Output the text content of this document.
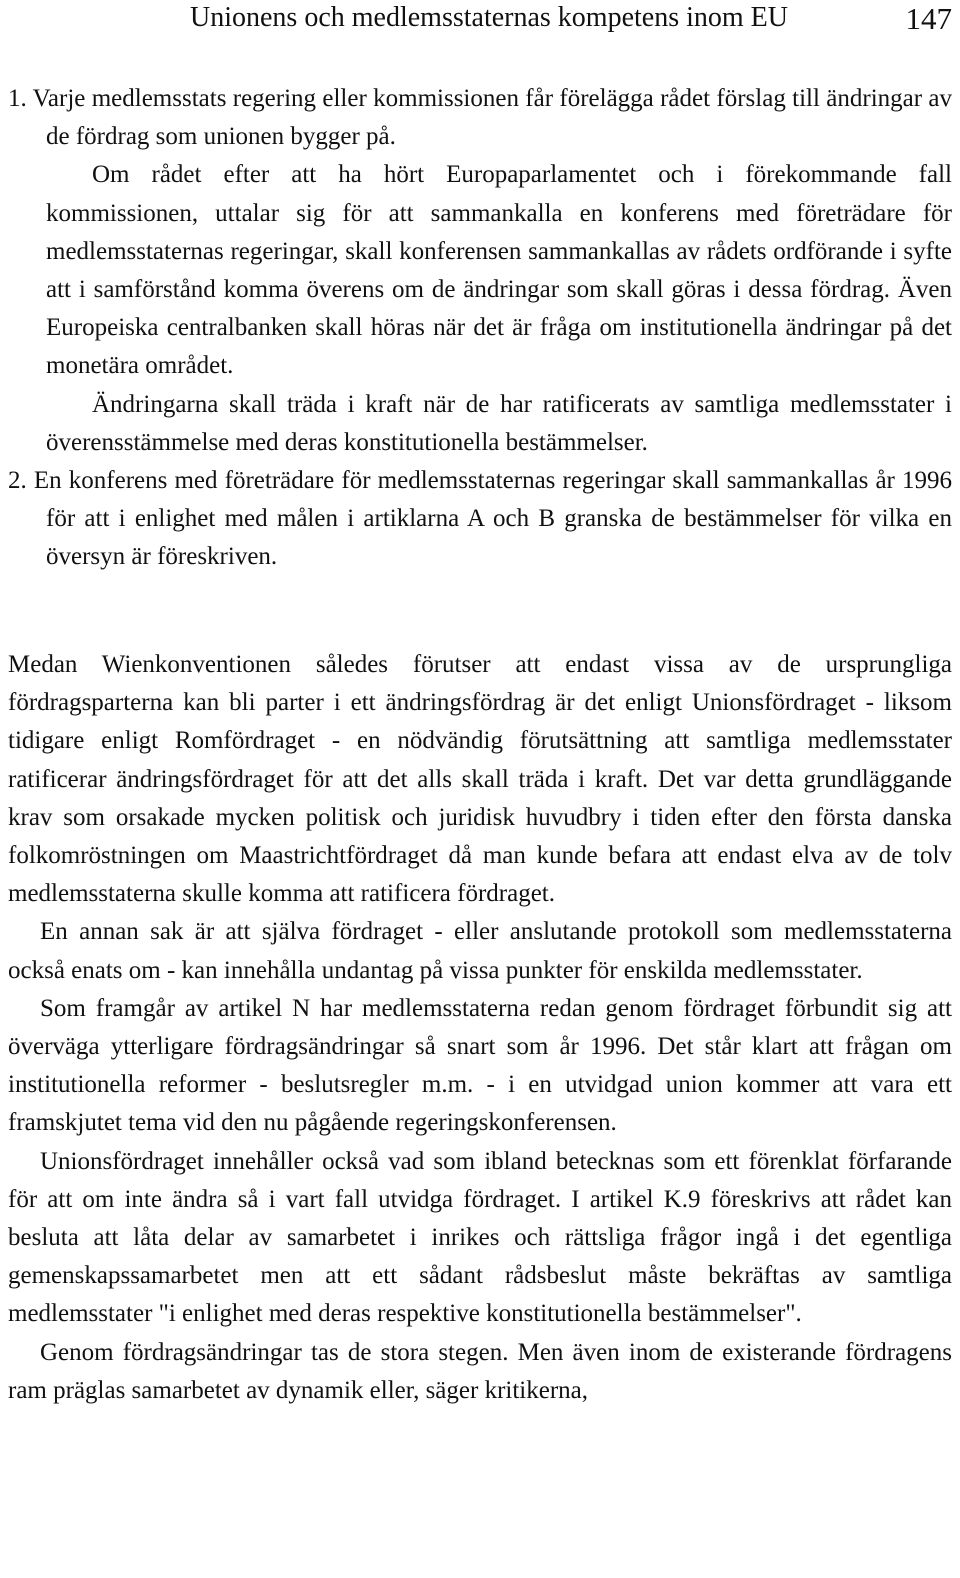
Unionens och medlemsstaternas kompetens inom EU	147

1. Varje medlemsstats regering eller kommissionen får förelägga rådet förslag till ändringar av de fördrag som unionen bygger på.

Om rådet efter att ha hört Europaparlamentet och i förekommande fall kommissionen, uttalar sig för att sammankalla en konferens med företrädare för medlemsstaternas regeringar, skall konferensen sammankallas av rådets ordförande i syfte att i samförstånd komma överens om de ändringar som skall göras i dessa fördrag. Även Europeiska centralbanken skall höras när det är fråga om institutionella ändringar på det monetära området.

Ändringarna skall träda i kraft när de har ratificerats av samtliga medlemsstater i överensstämmelse med deras konstitutionella bestämmelser.

2. En konferens med företrädare för medlemsstaternas regeringar skall sammankallas år 1996 för att i enlighet med målen i artiklarna A och B granska de bestämmelser för vilka en översyn är föreskriven.

Medan Wienkonventionen således förutser att endast vissa av de ursprungliga fördragsparterna kan bli parter i ett ändringsfördrag är det enligt Unionsfördraget - liksom tidigare enligt Romfördraget - en nödvändig förutsättning att samtliga medlemsstater ratificerar ändringsfördraget för att det alls skall träda i kraft. Det var detta grundläggande krav som orsakade mycken politisk och juridisk huvudbry i tiden efter den första danska folkomröstningen om Maastrichtfördraget då man kunde befara att endast elva av de tolv medlemsstaterna skulle komma att ratificera fördraget.

En annan sak är att själva fördraget - eller anslutande protokoll som medlemsstaterna också enats om - kan innehålla undantag på vissa punkter för enskilda medlemsstater.

Som framgår av artikel N har medlemsstaterna redan genom fördraget förbundit sig att överväga ytterligare fördragsändringar så snart som år 1996. Det står klart att frågan om institutionella reformer - beslutsregler m.m. - i en utvidgad union kommer att vara ett framskjutet tema vid den nu pågående regeringskonferensen.

Unionsfördraget innehåller också vad som ibland betecknas som ett förenklat förfarande för att om inte ändra så i vart fall utvidga fördraget. I artikel K.9 föreskrivs att rådet kan besluta att låta delar av samarbetet i inrikes och rättsliga frågor ingå i det egentliga gemenskapssamarbetet men att ett sådant rådsbeslut måste bekräftas av samtliga medlemsstater "i enlighet med deras respektive konstitutionella bestämmelser".

Genom fördragsändringar tas de stora stegen. Men även inom de existerande fördragens ram präglas samarbetet av dynamik eller, säger kritikerna,
